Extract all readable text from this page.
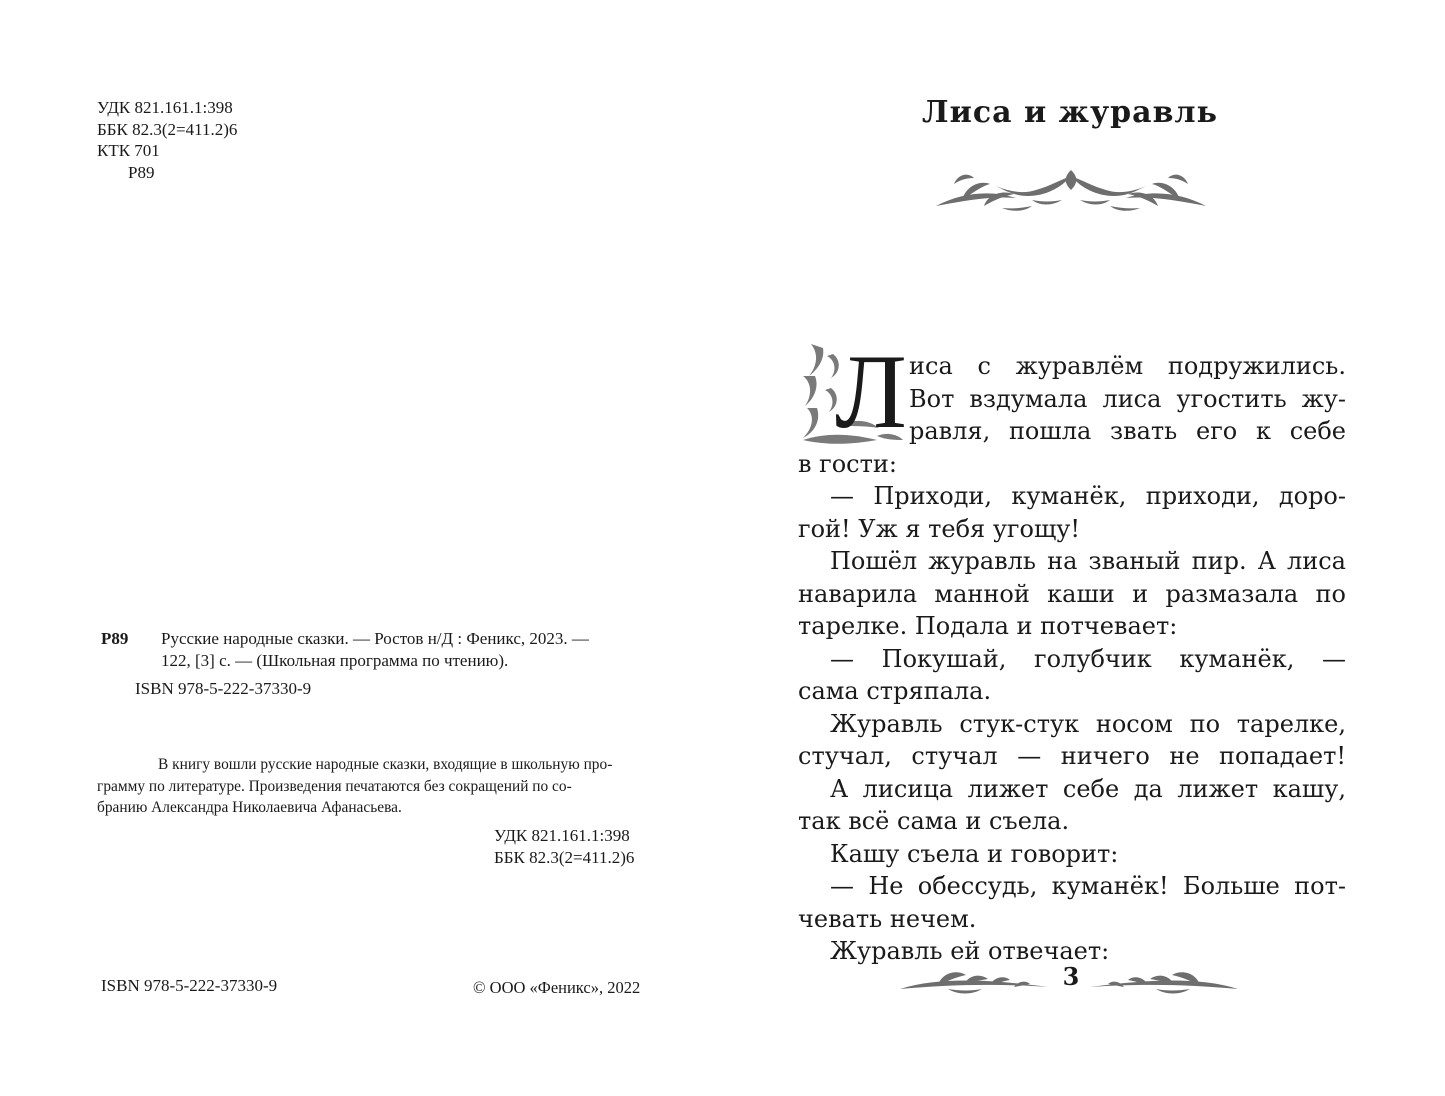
УДК 821.161.1:398
ББК 82.3(2=411.2)6
КТК 701
Р89
Р89 Русские народные сказки. — Ростов н/Д : Феникс, 2023. —
122, [3] с. — (Школьная программа по чтению).
ISBN 978-5-222-37330-9
В книгу вошли русские народные сказки, входящие в школьную про-
грамму по литературе. Произведения печатаются без сокращений по со-
бранию Александра Николаевича Афанасьева.
УДК 821.161.1:398
ББК 82.3(2=411.2)6
ISBN 978-5-222-37330-9	© ООО «Феникс», 2022
Лиса и журавль
Л иса с журавлём подружились.
Вот вздумала лиса угостить жу-
равля, пошла звать его к себе
в гости:
— Приходи, куманёк, приходи, доро-
гой! Уж я тебя угощу!
Пошёл журавль на званый пир. А лиса
наварила манной каши и размазала по
тарелке. Подала и потчевает:
— Покушай, голубчик куманёк, —
сама стряпала.
Журавль стук-стук носом по тарелке,
стучал, стучал — ничего не попадает!
А лисица лижет себе да лижет кашу,
так всё сама и съела.
Кашу съела и говорит:
— Не обессудь, куманёк! Больше пот-
чевать нечем.
Журавль ей отвечает:
3
